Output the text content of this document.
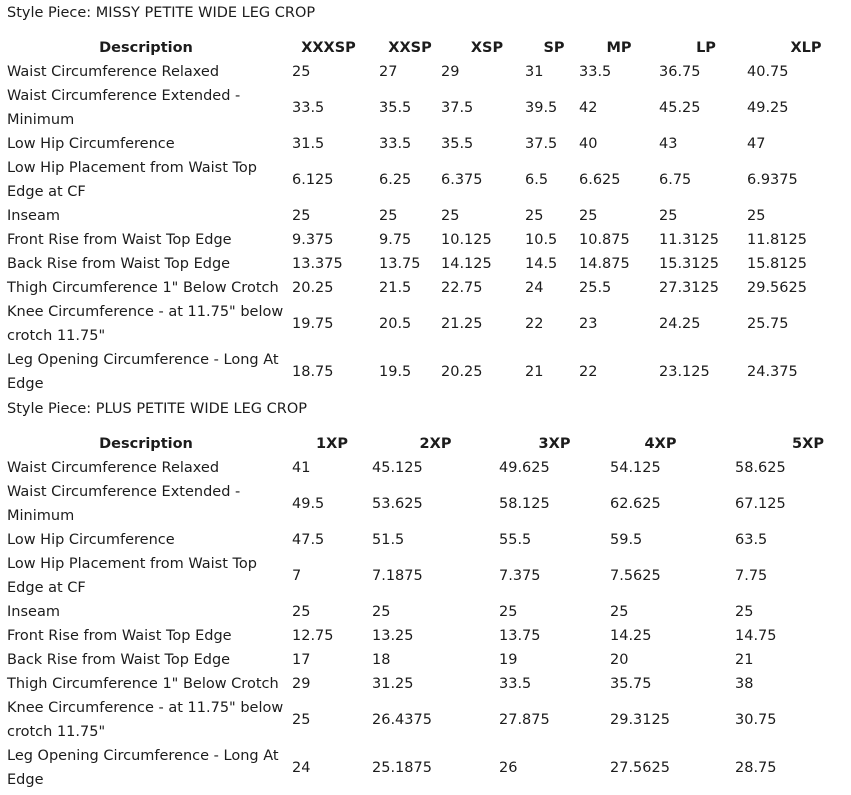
Style Piece: MISSY PETITE WIDE LEG CROP
Description	XXXSP	XXSP	XSP	SP	MP	LP	XLP
Waist Circumference Relaxed	25	27	29	31	33.5	36.75	40.75
Waist Circumference Extended - Minimum	33.5	35.5	37.5	39.5	42	45.25	49.25
Low Hip Circumference	31.5	33.5	35.5	37.5	40	43	47
Low Hip Placement from Waist Top Edge at CF	6.125	6.25	6.375	6.5	6.625	6.75	6.9375
Inseam	25	25	25	25	25	25	25
Front Rise from Waist Top Edge	9.375	9.75	10.125	10.5	10.875	11.3125	11.8125
Back Rise from Waist Top Edge	13.375	13.75	14.125	14.5	14.875	15.3125	15.8125
Thigh Circumference 1" Below Crotch	20.25	21.5	22.75	24	25.5	27.3125	29.5625
Knee Circumference - at 11.75" below crotch 11.75"	19.75	20.5	21.25	22	23	24.25	25.75
Leg Opening Circumference - Long At Edge	18.75	19.5	20.25	21	22	23.125	24.375
Style Piece: PLUS PETITE WIDE LEG CROP
Description	1XP	2XP	3XP	4XP	5XP
Waist Circumference Relaxed	41	45.125	49.625	54.125	58.625
Waist Circumference Extended - Minimum	49.5	53.625	58.125	62.625	67.125
Low Hip Circumference	47.5	51.5	55.5	59.5	63.5
Low Hip Placement from Waist Top Edge at CF	7	7.1875	7.375	7.5625	7.75
Inseam	25	25	25	25	25
Front Rise from Waist Top Edge	12.75	13.25	13.75	14.25	14.75
Back Rise from Waist Top Edge	17	18	19	20	21
Thigh Circumference 1" Below Crotch	29	31.25	33.5	35.75	38
Knee Circumference - at 11.75" below crotch 11.75"	25	26.4375	27.875	29.3125	30.75
Leg Opening Circumference - Long At Edge	24	25.1875	26	27.5625	28.75
